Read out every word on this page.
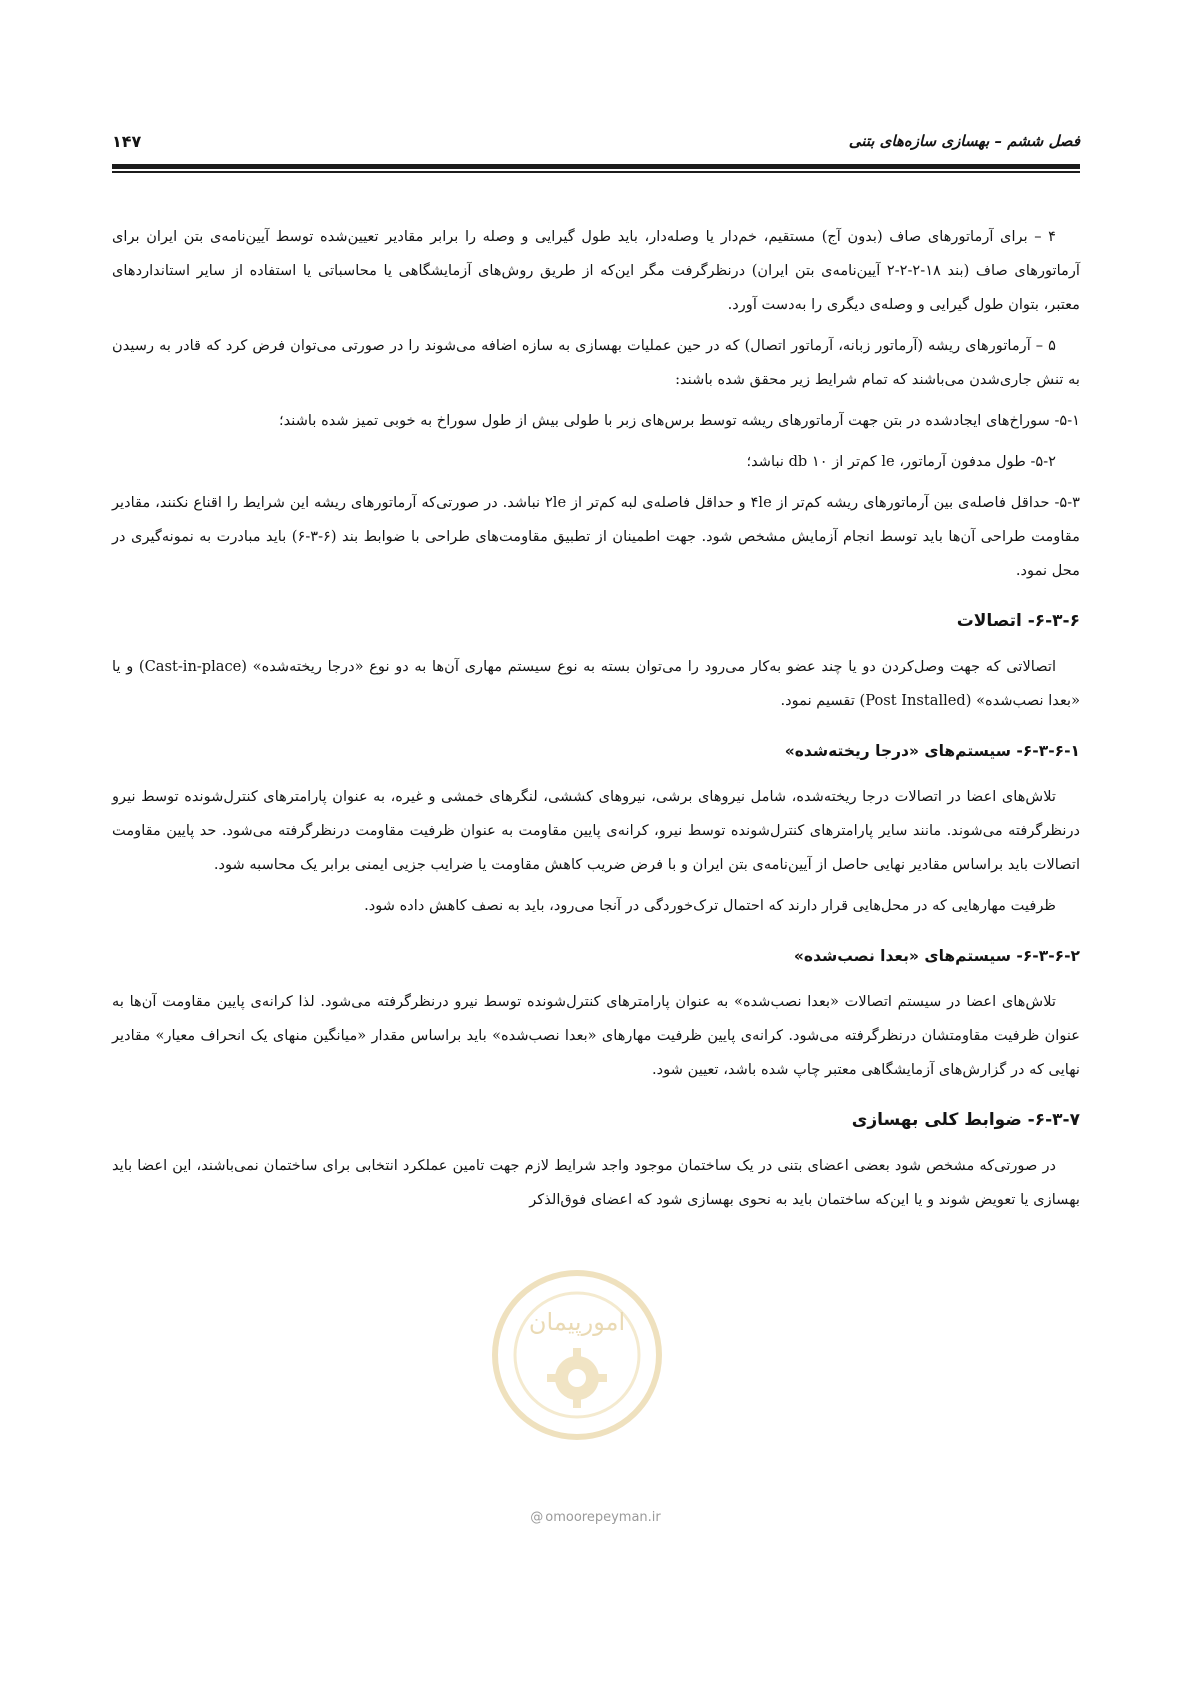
فصل ششم – بهسازی سازه‌های بتنی
۱۴۷

۴ – برای آرماتورهای صاف (بدون آج) مستقیم، خم‌دار یا وصله‌دار، باید طول گیرایی و وصله را برابر مقادیر تعیین‌شده توسط آیین‌نامه‌ی بتن ایران برای آرماتورهای صاف (بند ۱۸-۲-۲-۲ آیین‌نامه‌ی بتن ایران) درنظرگرفت مگر این‌که از طریق روش‌های آزمایشگاهی یا محاسباتی یا استفاده از سایر استانداردهای معتبر، بتوان طول گیرایی و وصله‌ی دیگری را به‌دست آورد.

۵ – آرماتورهای ریشه (آرماتور زبانه، آرماتور اتصال) که در حین عملیات بهسازی به سازه اضافه می‌شوند را در صورتی می‌توان فرض کرد که قادر به رسیدن به تنش جاری‌شدن می‌باشند که تمام شرایط زیر محقق شده باشند:

۵-۱- سوراخ‌های ایجادشده در بتن جهت آرماتورهای ریشه توسط برس‌های زبر با طولی بیش از طول سوراخ به خوبی تمیز شده باشند؛

۵-۲- طول مدفون آرماتور، le کم‌تر از ۱۰ db نباشد؛

۵-۳- حداقل فاصله‌ی بین آرماتورهای ریشه کم‌تر از ۴le و حداقل فاصله‌ی لبه کم‌تر از ۲le نباشد. در صورتی‌که آرماتورهای ریشه این شرایط را اقناع نکنند، مقادیر مقاومت طراحی آن‌ها باید توسط انجام آزمایش مشخص شود. جهت اطمینان از تطبیق مقاومت‌های طراحی با ضوابط بند (۶-۳-۶) باید مبادرت به نمونه‌گیری در محل نمود.

۶-۳-۶- اتصالات

اتصالاتی که جهت وصل‌کردن دو یا چند عضو به‌کار می‌رود را می‌توان بسته به نوع سیستم مهاری آن‌ها به دو نوع «درجا ریخته‌شده» (Cast-in-place) و یا «بعدا نصب‌شده» (Post Installed) تقسیم نمود.

۶-۳-۶-۱- سیستم‌های «درجا ریخته‌شده»

تلاش‌های اعضا در اتصالات درجا ریخته‌شده، شامل نیروهای برشی، نیروهای کششی، لنگرهای خمشی و غیره، به عنوان پارامترهای کنترل‌شونده توسط نیرو درنظرگرفته می‌شوند. مانند سایر پارامترهای کنترل‌شونده توسط نیرو، کرانه‌ی پایین مقاومت به عنوان ظرفیت مقاومت درنظرگرفته می‌شود. حد پایین مقاومت اتصالات باید براساس مقادیر نهایی حاصل از آیین‌نامه‌ی بتن ایران و با فرض ضریب کاهش مقاومت یا ضرایب جزیی ایمنی برابر یک محاسبه شود.

ظرفیت مهارهایی که در محل‌هایی قرار دارند که احتمال ترک‌خوردگی در آنجا می‌رود، باید به نصف کاهش داده شود.

۶-۳-۶-۲- سیستم‌های «بعدا نصب‌شده»

تلاش‌های اعضا در سیستم اتصالات «بعدا نصب‌شده» به عنوان پارامترهای کنترل‌شونده توسط نیرو درنظرگرفته می‌شود. لذا کرانه‌ی پایین مقاومت آن‌ها به عنوان ظرفیت مقاومتشان درنظرگرفته می‌شود. کرانه‌ی پایین ظرفیت مهارهای «بعدا نصب‌شده» باید براساس مقدار «میانگین منهای یک انحراف معیار» مقادیر نهایی که در گزارش‌های آزمایشگاهی معتبر چاپ شده باشد، تعیین شود.

۶-۳-۷- ضوابط کلی بهسازی

در صورتی‌که مشخص شود بعضی اعضای بتنی در یک ساختمان موجود واجد شرایط لازم جهت تامین عملکرد انتخابی برای ساختمان نمی‌باشند، این اعضا باید بهسازی یا تعویض شوند و یا این‌که ساختمان باید به نحوی بهسازی شود که اعضای فوق‌الذکر

امورپیمان
@ omoorepeyman.ir
